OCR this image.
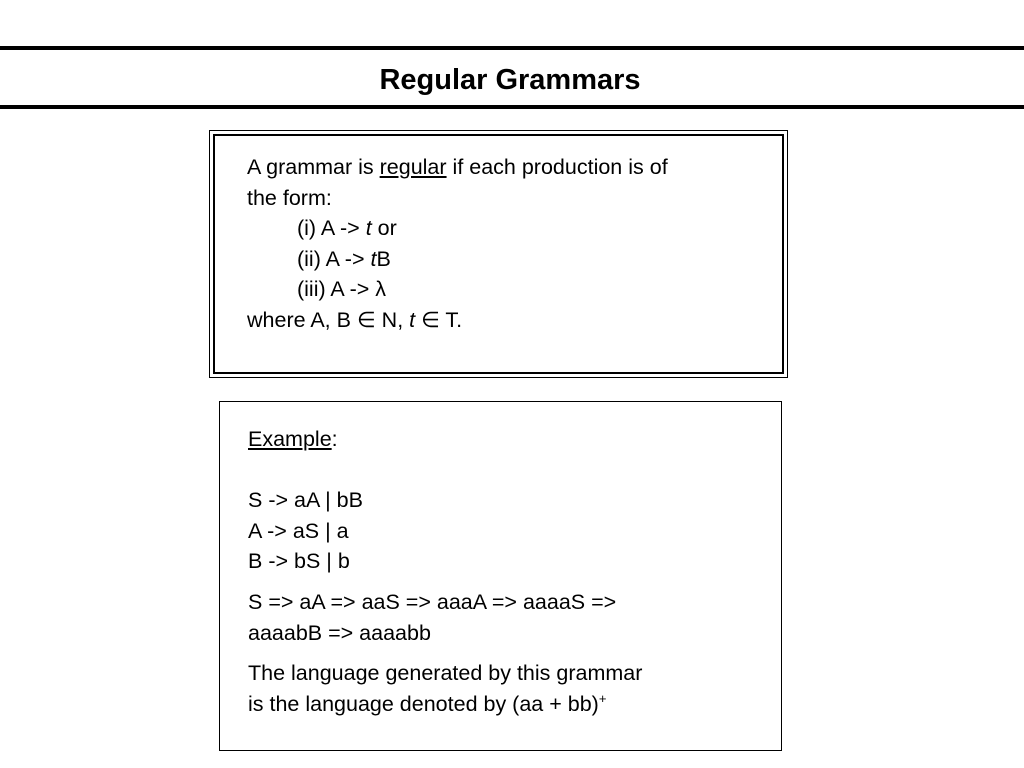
Regular Grammars
A grammar is regular if each production is of
the form:
(i) A -> t or
(ii) A -> tB
(iii) A -> λ
where A, B ∈ N, t ∈ T.
Example:
S -> aA | bB
A -> aS | a
B -> bS | b
S => aA => aaS => aaaA => aaaaS =>
aaaabB => aaaabb
The language generated by this grammar
is the language denoted by (aa + bb)+
